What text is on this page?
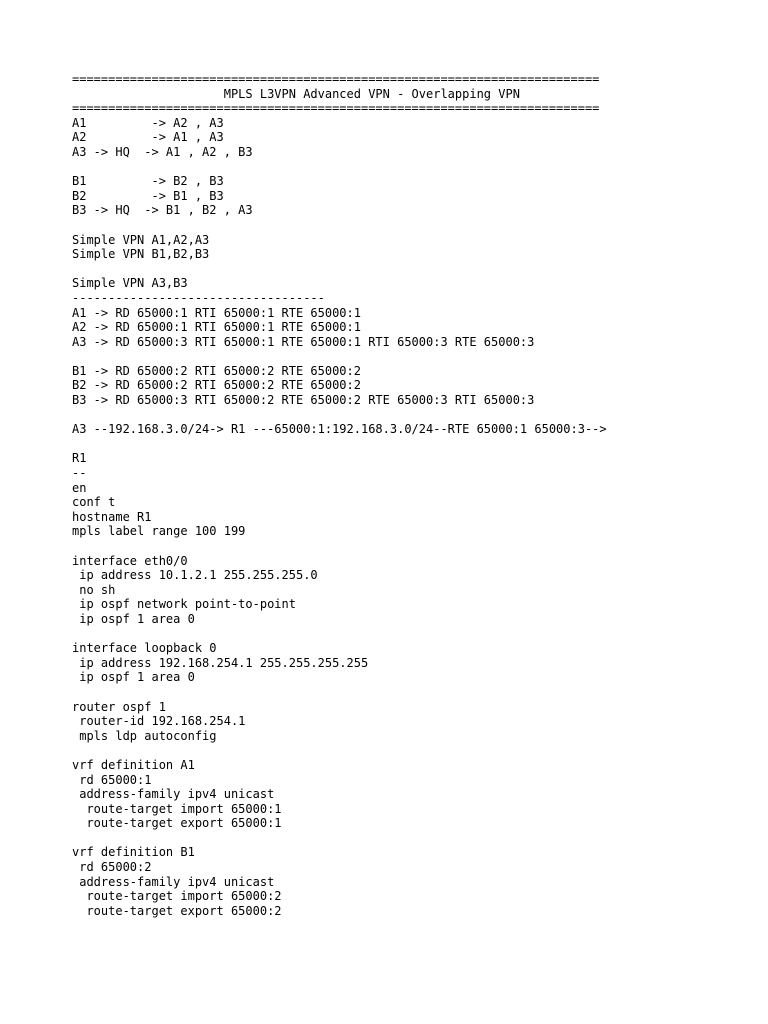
=========================================================================
MPLS L3VPN Advanced VPN - Overlapping VPN
=========================================================================
A1         -> A2 , A3
A2         -> A1 , A3
A3 -> HQ  -> A1 , A2 , B3
B1         -> B2 , B3
B2         -> B1 , B3
B3 -> HQ  -> B1 , B2 , A3
Simple VPN A1,A2,A3
Simple VPN B1,B2,B3
Simple VPN A3,B3
-----------------------------------
A1 -> RD 65000:1 RTI 65000:1 RTE 65000:1
A2 -> RD 65000:1 RTI 65000:1 RTE 65000:1
A3 -> RD 65000:3 RTI 65000:1 RTE 65000:1 RTI 65000:3 RTE 65000:3
B1 -> RD 65000:2 RTI 65000:2 RTE 65000:2
B2 -> RD 65000:2 RTI 65000:2 RTE 65000:2
B3 -> RD 65000:3 RTI 65000:2 RTE 65000:2 RTE 65000:3 RTI 65000:3
A3 --192.168.3.0/24-> R1 ---65000:1:192.168.3.0/24--RTE 65000:1 65000:3-->
R1
--
en
conf t
hostname R1
mpls label range 100 199
interface eth0/0
ip address 10.1.2.1 255.255.255.0
no sh
ip ospf network point-to-point
ip ospf 1 area 0
interface loopback 0
ip address 192.168.254.1 255.255.255.255
ip ospf 1 area 0
router ospf 1
router-id 192.168.254.1
mpls ldp autoconfig
vrf definition A1
rd 65000:1
address-family ipv4 unicast
route-target import 65000:1
route-target export 65000:1
vrf definition B1
rd 65000:2
address-family ipv4 unicast
route-target import 65000:2
route-target export 65000:2
